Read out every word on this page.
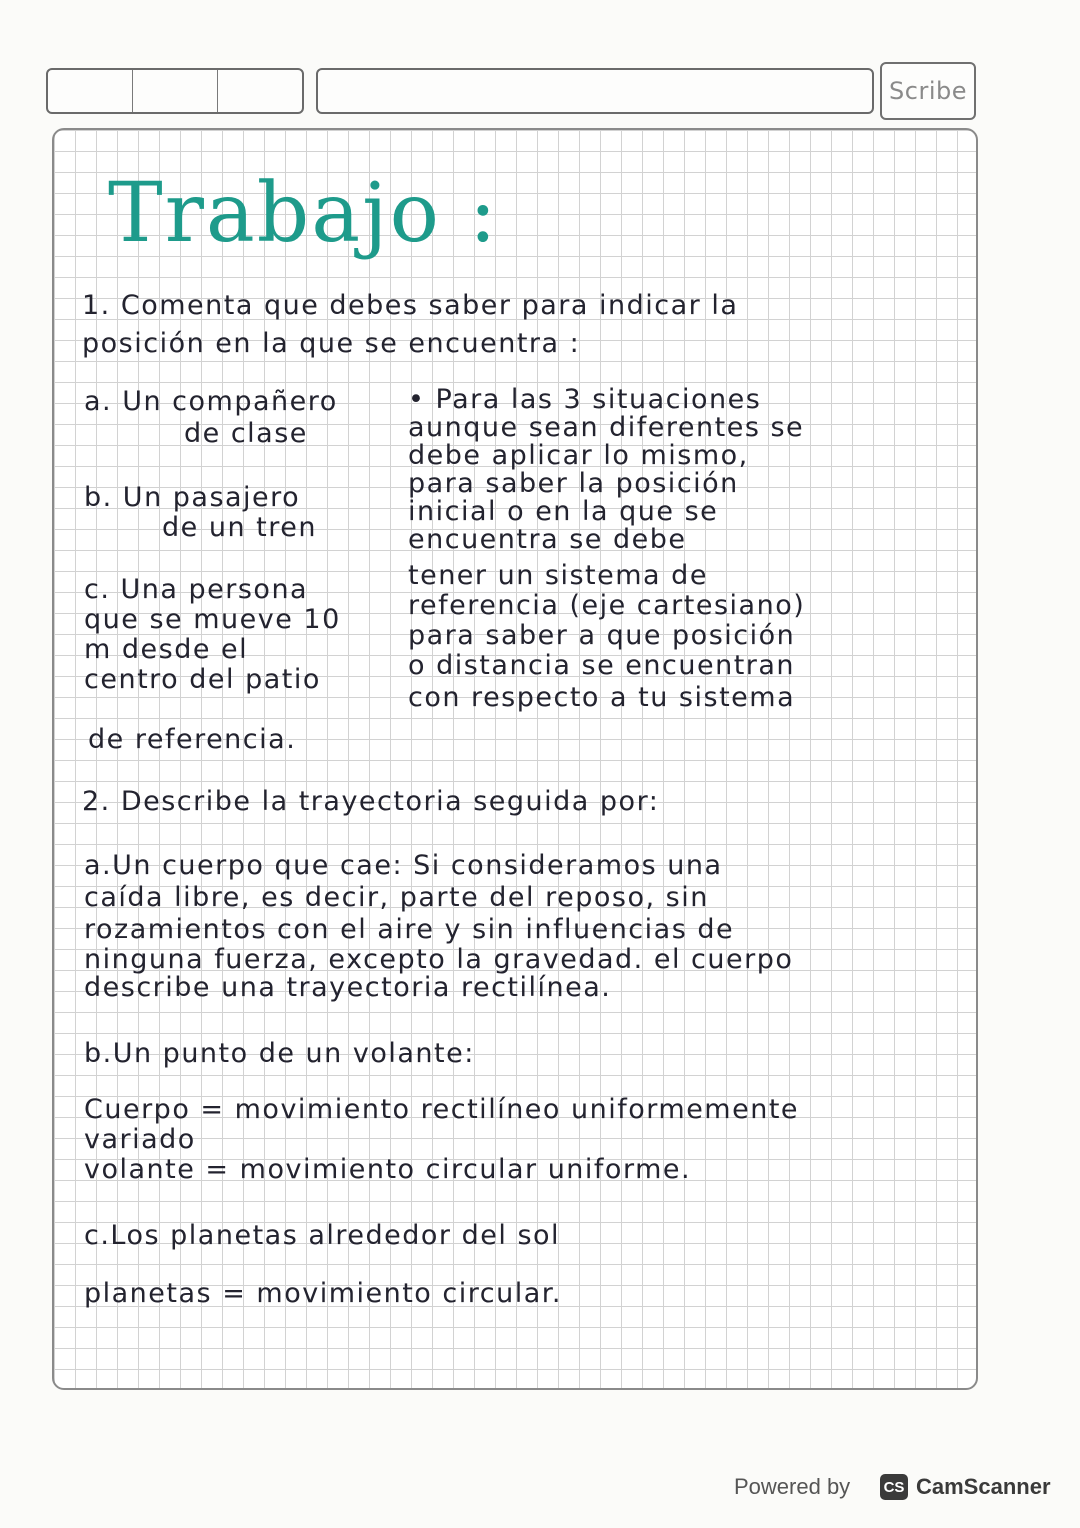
Scribe
Trabajo :
1. Comenta que debes saber para indicar la
posición en la que se encuentra :
a. Un compañero
de clase
b. Un pasajero
de un tren
c. Una persona
que se mueve 10
m desde el
centro del patio
• Para las 3 situaciones
aunque sean diferentes se
debe aplicar lo mismo,
para saber la posición
inicial o en la que se
encuentra se debe
tener un sistema de
referencia (eje cartesiano)
para saber a que posición
o distancia se encuentran
con respecto a tu sistema
de referencia.
2. Describe la trayectoria seguida por:
a.Un cuerpo que cae: Si consideramos una
caída libre, es decir, parte del reposo, sin
rozamientos con el aire y sin influencias de
ninguna fuerza, excepto la gravedad. el cuerpo
describe una trayectoria rectilínea.
b.Un punto de un volante:
Cuerpo = movimiento rectilíneo uniformemente
variado
volante = movimiento circular uniforme.
c.Los planetas alrededor del sol
planetas = movimiento circular.
Powered by CS CamScanner
